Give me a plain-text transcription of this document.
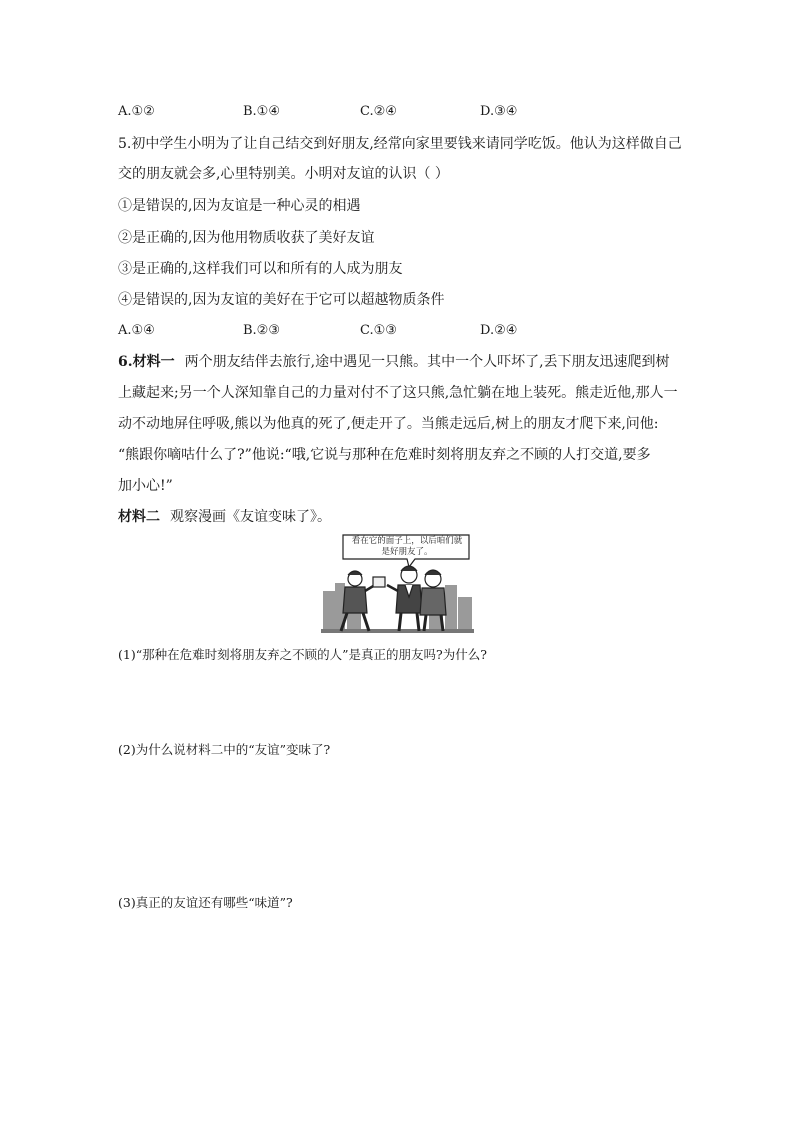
A.①②	B.①④	C.②④	D.③④
5.初中学生小明为了让自己结交到好朋友,经常向家里要钱来请同学吃饭。他认为这样做自己
交的朋友就会多,心里特别美。小明对友谊的认识（ ）
①是错误的,因为友谊是一种心灵的相遇
②是正确的,因为他用物质收获了美好友谊
③是正确的,这样我们可以和所有的人成为朋友
④是错误的,因为友谊的美好在于它可以超越物质条件
A.①④	B.②③	C.①③	D.②④
6.材料一 两个朋友结伴去旅行,途中遇见一只熊。其中一个人吓坏了,丢下朋友迅速爬到树
上藏起来;另一个人深知靠自己的力量对付不了这只熊,急忙躺在地上装死。熊走近他,那人一
动不动地屏住呼吸,熊以为他真的死了,便走开了。当熊走远后,树上的朋友才爬下来,问他:
“熊跟你嘀咕什么了?”他说:“哦,它说与那种在危难时刻将朋友弃之不顾的人打交道,要多
加小心!”
材料二 观察漫画《友谊变味了》。
看在它的面子上，以后咱们就是好朋友了。
(1)“那种在危难时刻将朋友弃之不顾的人”是真正的朋友吗?为什么?
(2)为什么说材料二中的“友谊”变味了?
(3)真正的友谊还有哪些“味道”?
